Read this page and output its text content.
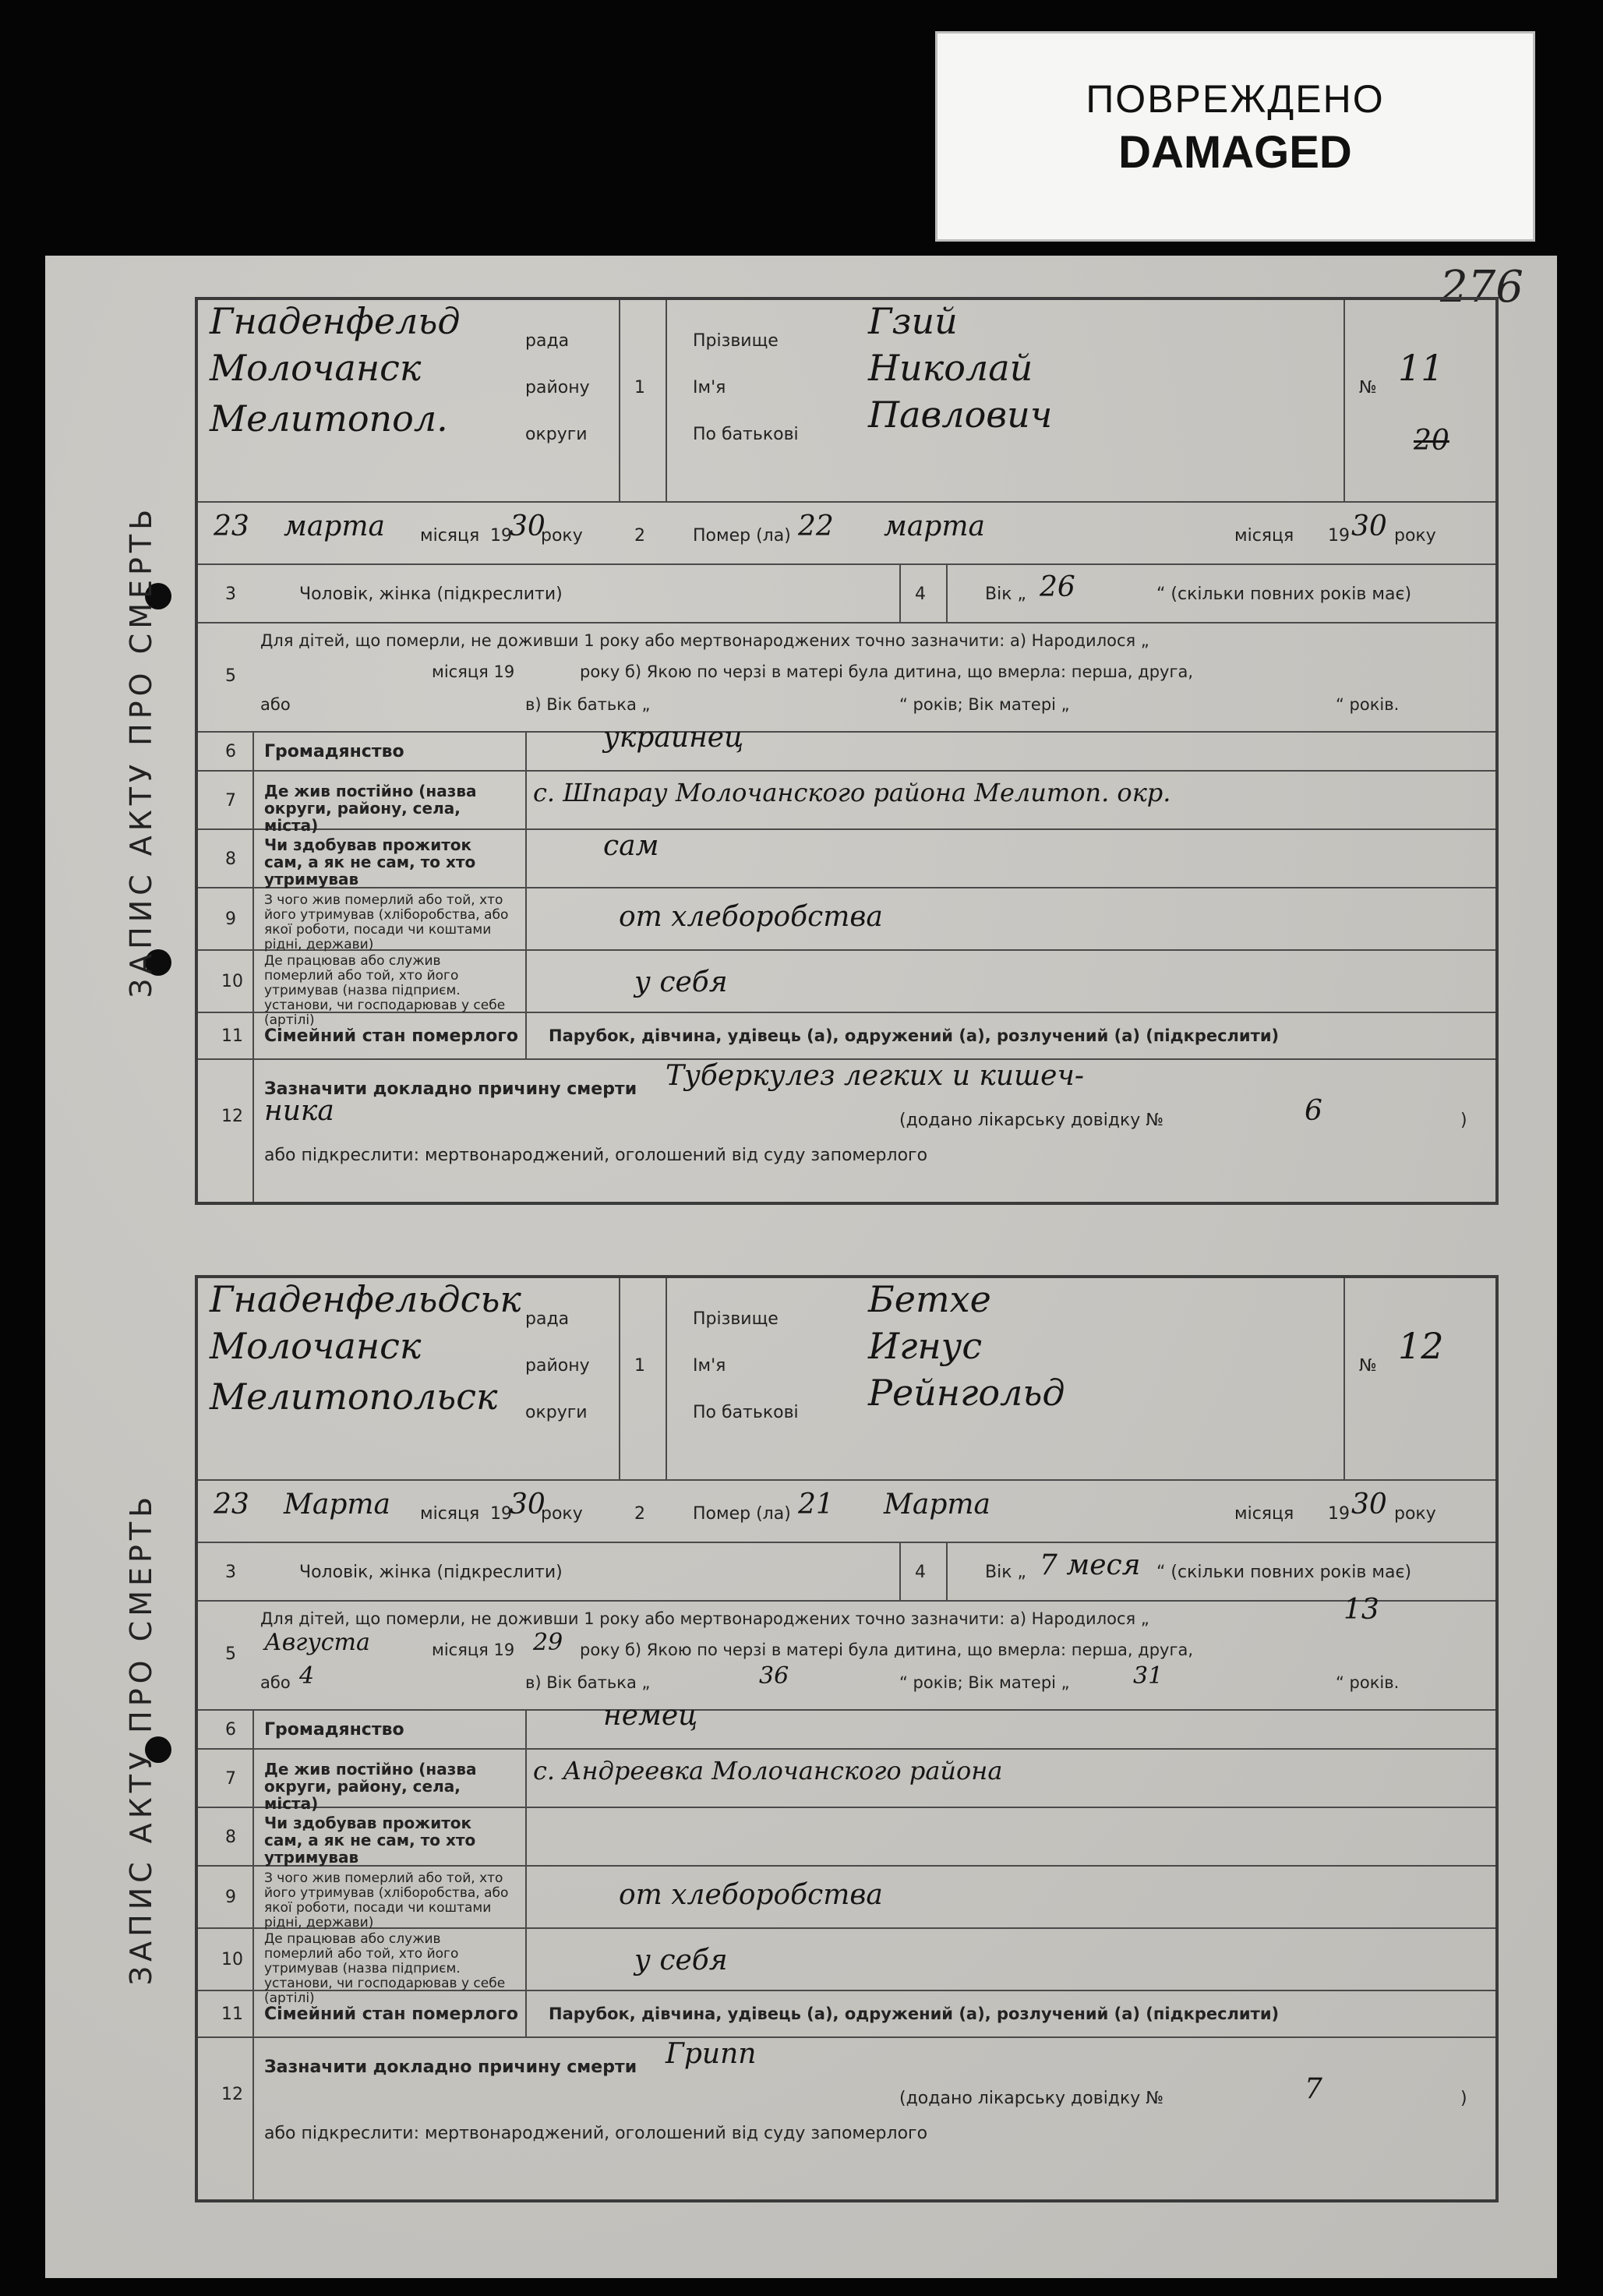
ПОВРЕЖДЕНО
DAMAGED
276
ЗАПИС АКТУ ПРО СМЕРТЬ
ЗАПИС АКТУ ПРО СМЕРТЬ
Гнаденфельд	рада
Молочанск	району
Мелитопол.	округи
1
Прізвище	Гзий
Ім'я	Николай
По батькові Павлович
№ 11
20
23 марта місяця 19
30
року	2	Помер (ла) 22 марта	місяця 19 30 року
3	Чоловік, жінка (підкреслити)	4	Вік „ 26	“ (скільки повних років має)
5
Для дітей, що померли, не доживши 1 року або мертвонароджених точно зазначити: а) Народилося „
місяця 19	року б) Якою по черзі в матері була дитина, що вмерла: перша, друга,
або	в) Вік батька „	“ років; Вік матері „	“ років.
6 Громадянство	украинец
7 Де жив постійно (назва округи, району, села, міста)
с. Шпарау Молочанского района Мелитоп. окр.
8
Чи здобував прожиток сам, а як не сам, то хто утримував
сам
9
З чого жив померлий або той, хто його утримував (хліборобства, або якої роботи, посади чи коштами рідні, держави)
от хлеборобства
10
Де працював або служив померлий або той, хто його утримував (назва підприєм. установи, чи господарював у себе (артілі)
у себя
11 Сімейний стан померлого Парубок, дівчина, удівець (а), одружений (а), розлучений (а) (підкреслити)
12
Зазначити докладно причину смерти Туберкулез легких и кишеч-
ника	(додано лікарську довідку №	6	)
або підкреслити: мертвонароджений, оголошений від суду запомерлого
Гнаденфельдськ рада
Молочанск	району
Мелитопольск округи
1
Прізвище	Бетхе
Ім'я	Игнус
По батькові Рейнгольд
№ 12
23 Марта місяця 19
30
року	2	Помер (ла) 21 Марта	місяця 19 30 року
3	Чоловік, жінка (підкреслити)	4	Вік „ 7 меся “ (скільки повних років має)
5
Для дітей, що померли, не доживши 1 року або мертвонароджених точно зазначити: а) Народилося „	13
Августа	місяця 19 29 року б) Якою по черзі в матері була дитина, що вмерла: перша, друга,
або 4	в) Вік батька „	36	“ років; Вік матері „	31	“ років.
6 Громадянство	немец
7 Де жив постійно (назва округи, району, села, міста)
с. Андреевка Молочанского района
8
Чи здобував прожиток сам, а як не сам, то хто утримував
9
З чого жив померлий або той, хто його утримував (хліборобства, або якої роботи, посади чи коштами рідні, держави)
от хлеборобства
10
Де працював або служив померлий або той, хто його утримував (назва підприєм. установи, чи господарював у себе (артілі)
у себя
11 Сімейний стан померлого Парубок, дівчина, удівець (а), одружений (а), розлучений (а) (підкреслити)
12
Зазначити докладно причину смерти Грипп
(додано лікарську довідку №	7	)
або підкреслити: мертвонароджений, оголошений від суду запомерлого
